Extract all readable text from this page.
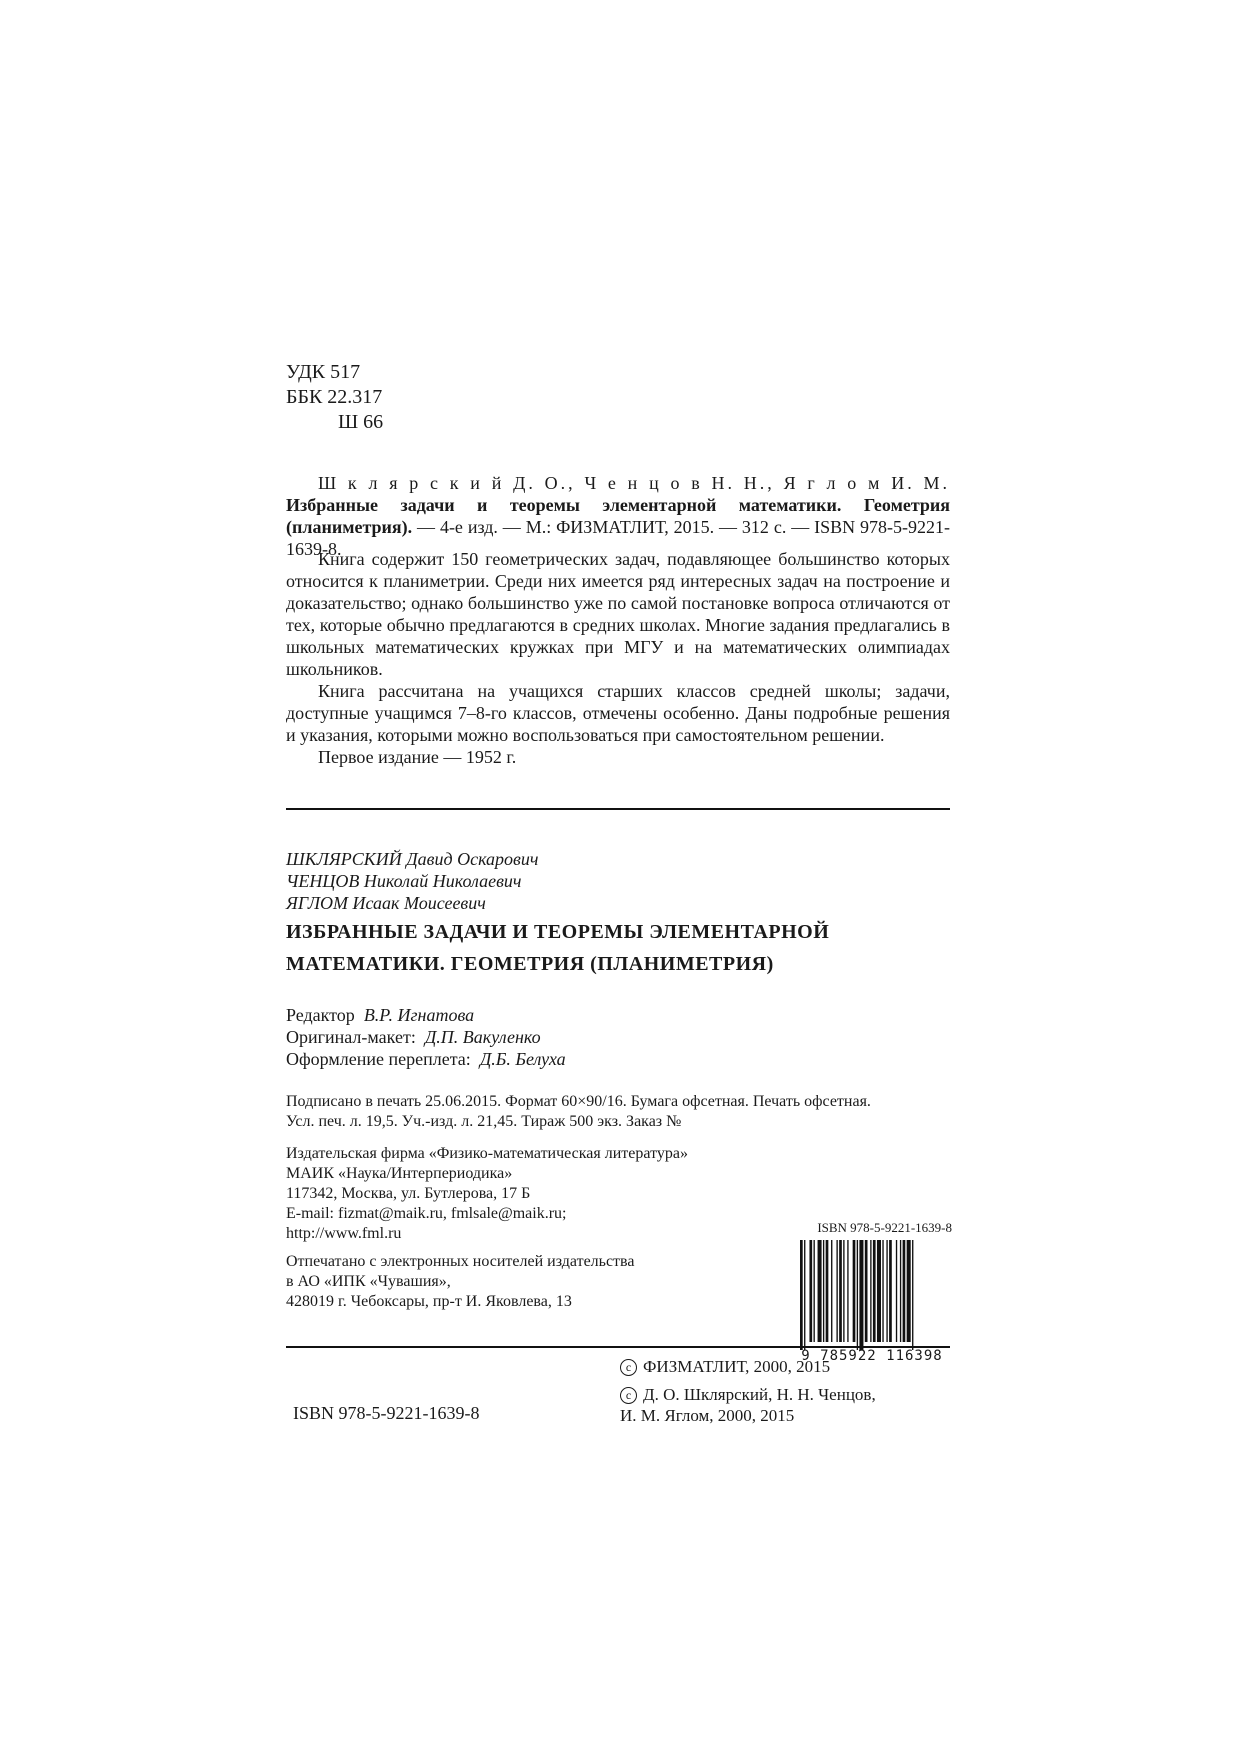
УДК 517
ББК 22.317
Ш 66

Ш к л я р с к и й Д. О., Ч е н ц о в Н. Н., Я г л о м И. М. Избранные задачи и теоремы элементарной математики. Геометрия (планиметрия). — 4-е изд. — М.: ФИЗМАТЛИТ, 2015. — 312 с. — ISBN 978-5-9221-1639-8.

Книга содержит 150 геометрических задач, подавляющее большинство которых относится к планиметрии. Среди них имеется ряд интересных задач на построение и доказательство; однако большинство уже по самой постановке вопроса отличаются от тех, которые обычно предлагаются в средних школах. Многие задания предлагались в школьных математических кружках при МГУ и на математических олимпиадах школьников.

Книга рассчитана на учащихся старших классов средней школы; задачи, доступные учащимся 7–8-го классов, отмечены особенно. Даны подробные решения и указания, которыми можно воспользоваться при самостоятельном решении.

Первое издание — 1952 г.

ШКЛЯРСКИЙ Давид Оскарович
ЧЕНЦОВ Николай Николаевич
ЯГЛОМ Исаак Моисеевич
ИЗБРАННЫЕ ЗАДАЧИ И ТЕОРЕМЫ ЭЛЕМЕНТАРНОЙ
МАТЕМАТИКИ. ГЕОМЕТРИЯ (ПЛАНИМЕТРИЯ)
Редактор В.Р. Игнатова
Оригинал-макет: Д.П. Вакуленко
Оформление переплета: Д.Б. Белуха
Подписано в печать 25.06.2015. Формат 60×90/16. Бумага офсетная. Печать офсетная.
Усл. печ. л. 19,5. Уч.-изд. л. 21,45. Тираж 500 экз. Заказ №
Издательская фирма «Физико-математическая литература»
МАИК «Наука/Интерпериодика»
117342, Москва, ул. Бутлерова, 17 Б
E-mail: fizmat@maik.ru, fmlsale@maik.ru;
http://www.fml.ru
Отпечатано с электронных носителей издательства
в АО «ИПК «Чувашия»,
428019 г. Чебоксары, пр-т И. Яковлева, 13
ISBN 978-5-9221-1639-8
9 785922 116398
ISBN 978-5-9221-1639-8
c ФИЗМАТЛИТ, 2000, 2015
c Д. О. Шклярский, Н. Н. Ченцов,
И. М. Яглом, 2000, 2015
